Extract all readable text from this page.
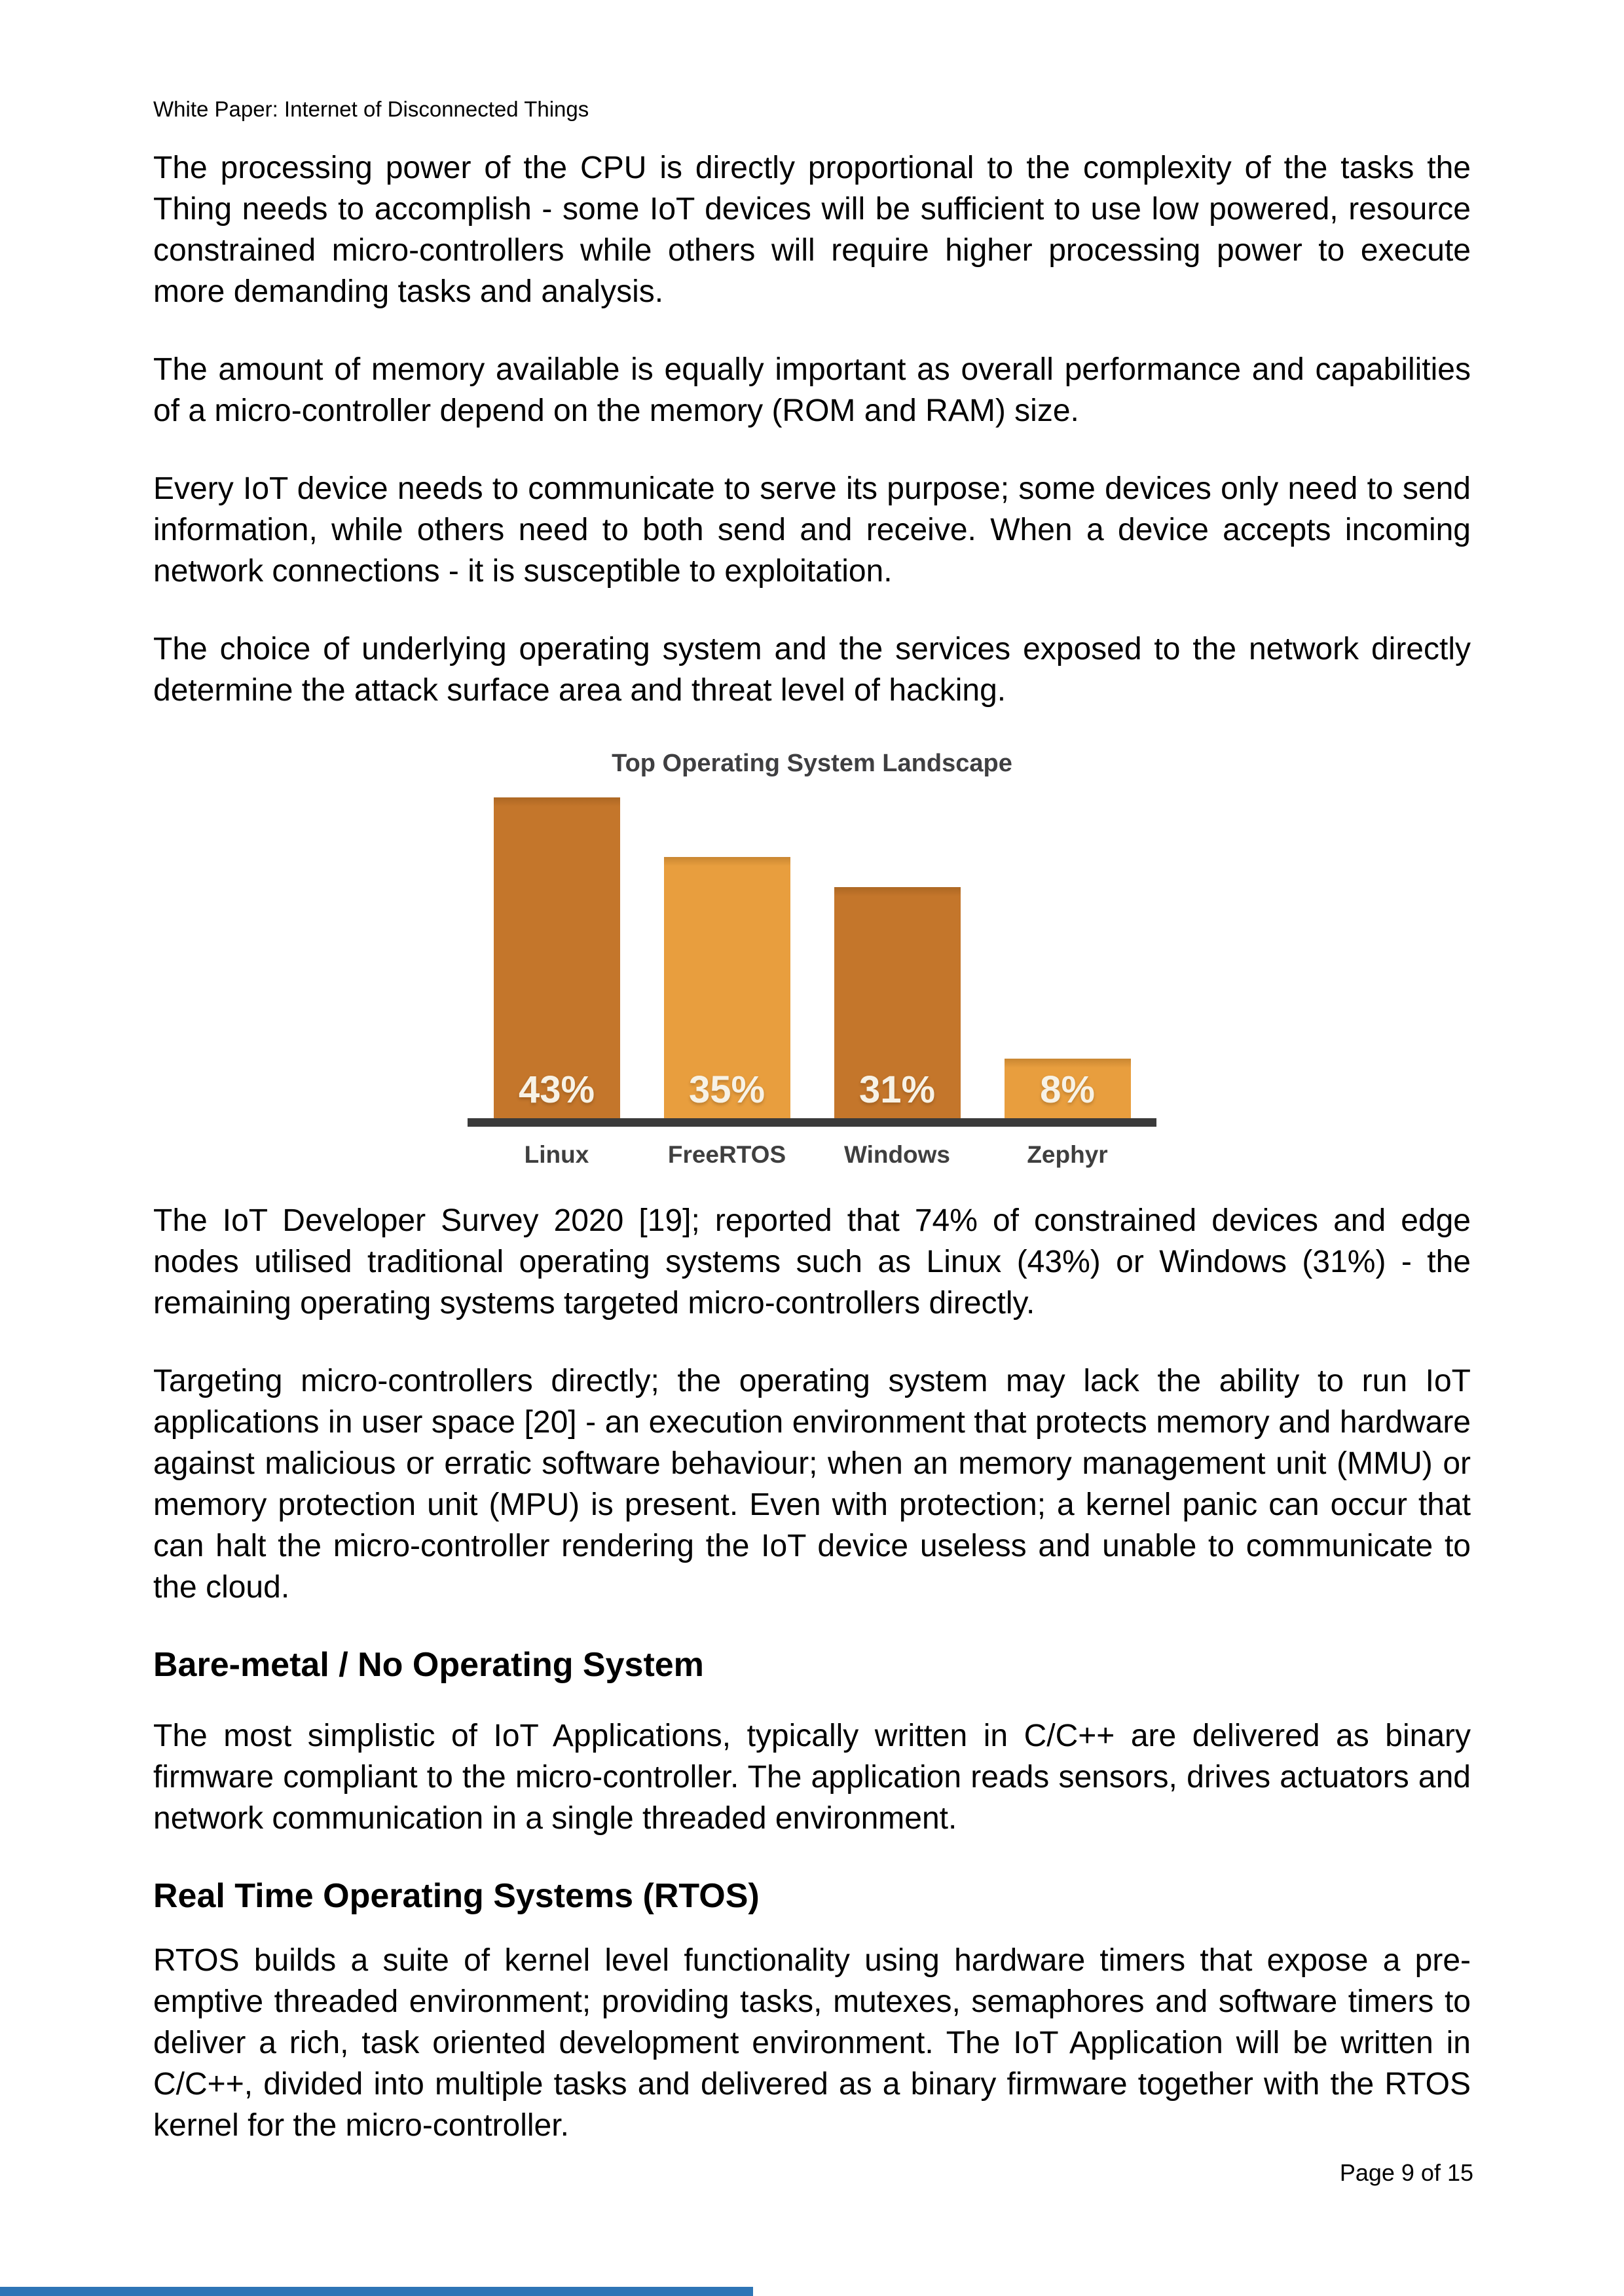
White Paper: Internet of Disconnected Things

The processing power of the CPU is directly proportional to the complexity of the tasks the Thing needs to accomplish - some IoT devices will be sufficient to use low powered, resource constrained micro-controllers while others will require higher processing power to execute more demanding tasks and analysis.

The amount of memory available is equally important as overall performance and capabilities of a micro-controller depend on the memory (ROM and RAM) size.

Every IoT device needs to communicate to serve its purpose; some devices only need to send information, while others need to both send and receive. When a device accepts incoming network connections - it is susceptible to exploitation.

The choice of underlying operating system and the services exposed to the network directly determine the attack surface area and threat level of hacking.

Top Operating System Landscape
43%	35%	31%	8%
Linux	FreeRTOS	Windows	Zephyr

The IoT Developer Survey 2020 [19]; reported that 74% of constrained devices and edge nodes utilised traditional operating systems such as Linux (43%) or Windows (31%) - the remaining operating systems targeted micro-controllers directly.

Targeting micro-controllers directly; the operating system may lack the ability to run IoT applications in user space [20] - an execution environment that protects memory and hardware against malicious or erratic software behaviour; when an memory management unit (MMU) or memory protection unit (MPU) is present. Even with protection; a kernel panic can occur that can halt the micro-controller rendering the IoT device useless and unable to communicate to the cloud.

Bare-metal / No Operating System

The most simplistic of IoT Applications, typically written in C/C++ are delivered as binary firmware compliant to the micro-controller. The application reads sensors, drives actuators and network communication in a single threaded environment.

Real Time Operating Systems (RTOS)

RTOS builds a suite of kernel level functionality using hardware timers that expose a pre-emptive threaded environment; providing tasks, mutexes, semaphores and software timers to deliver a rich, task oriented development environment. The IoT Application will be written in C/C++, divided into multiple tasks and delivered as a binary firmware together with the RTOS kernel for the micro-controller.

Page 9 of 15
